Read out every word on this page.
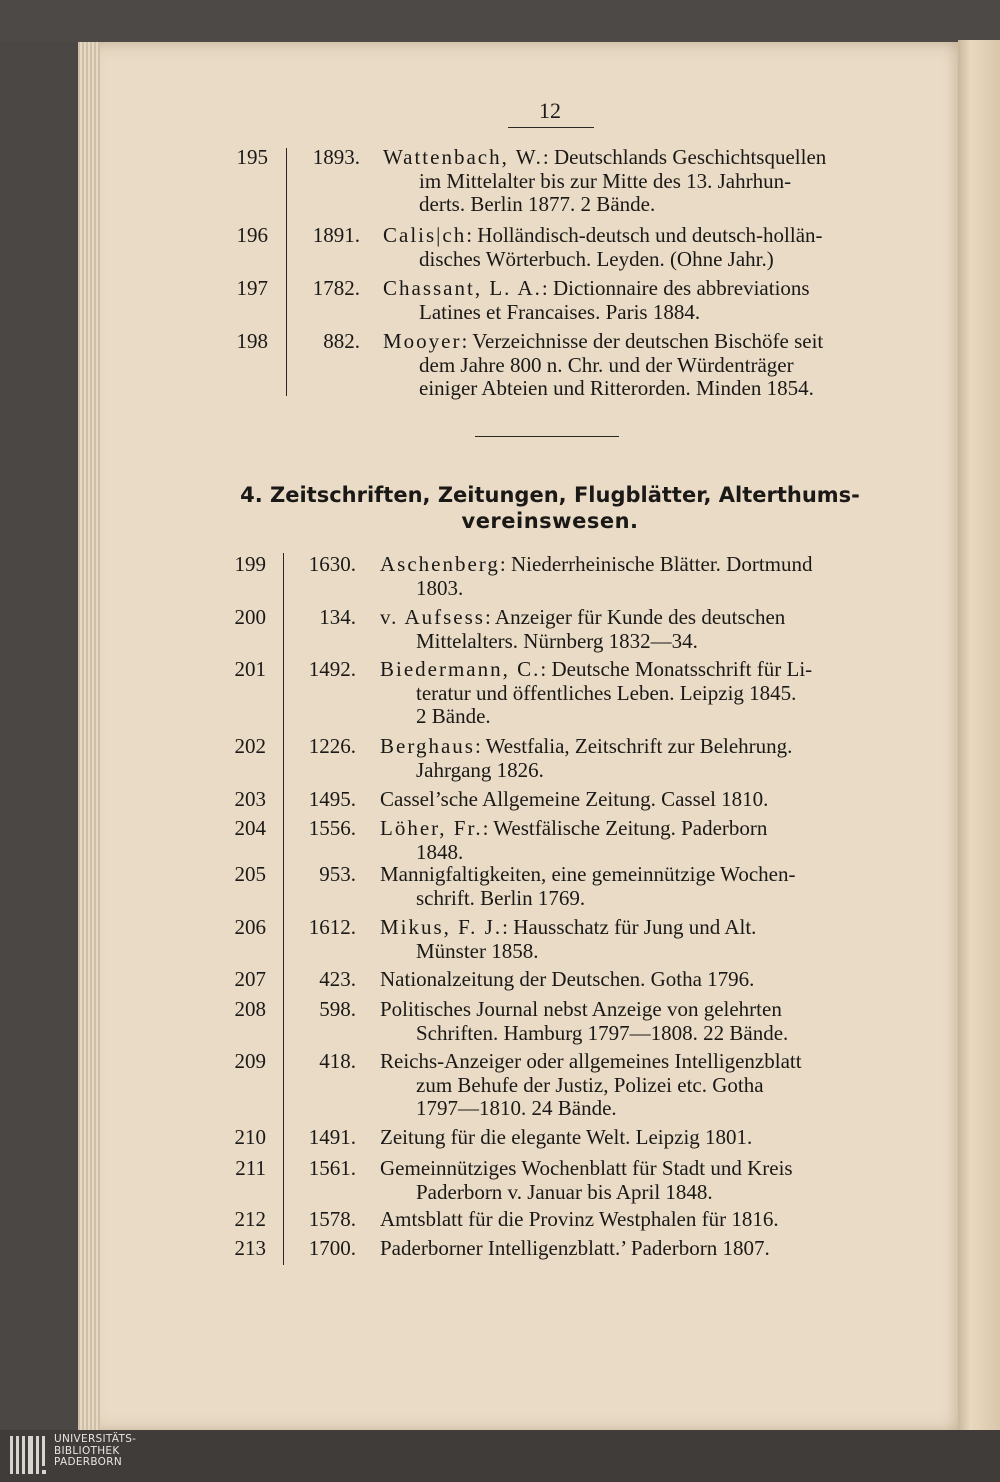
12
195	1893. Wattenbach, W.: Deutschlands Geschichtsquellen
im Mittelalter bis zur Mitte des 13. Jahrhun-
derts. Berlin 1877. 2 Bände.
196	1891. Calis|ch: Holländisch-deutsch und deutsch-hollän-
disches Wörterbuch. Leyden. (Ohne Jahr.)
197	1782. Chassant, L. A.: Dictionnaire des abbreviations
Latines et Francaises. Paris 1884.
198	882. Mooyer: Verzeichnisse der deutschen Bischöfe seit
dem Jahre 800 n. Chr. und der Würdenträger
einiger Abteien und Ritterorden. Minden 1854.
4. Zeitschriften, Zeitungen, Flugblätter, Alterthums-
vereinswesen.
199	1630. Aschenberg: Niederrheinische Blätter. Dortmund
1803.
200	134. v. Aufsess: Anzeiger für Kunde des deutschen
Mittelalters. Nürnberg 1832—34.
201	1492. Biedermann, C.: Deutsche Monatsschrift für Li-
teratur und öffentliches Leben. Leipzig 1845.
2 Bände.
202	1226. Berghaus: Westfalia, Zeitschrift zur Belehrung.
Jahrgang 1826.
203	1495. Cassel’sche Allgemeine Zeitung. Cassel 1810.
204	1556. Löher, Fr.: Westfälische Zeitung. Paderborn
1848.
205	953. Mannigfaltigkeiten, eine gemeinnützige Wochen-
schrift. Berlin 1769.
206	1612. Mikus, F. J.: Hausschatz für Jung und Alt.
Münster 1858.
207	423. Nationalzeitung der Deutschen. Gotha 1796.
208	598. Politisches Journal nebst Anzeige von gelehrten
Schriften. Hamburg 1797—1808. 22 Bände.
209	418. Reichs-Anzeiger oder allgemeines Intelligenzblatt
zum Behufe der Justiz, Polizei etc. Gotha
1797—1810. 24 Bände.
210	1491. Zeitung für die elegante Welt. Leipzig 1801.
211	1561. Gemeinnütziges Wochenblatt für Stadt und Kreis
Paderborn v. Januar bis April 1848.
212	1578. Amtsblatt für die Provinz Westphalen für 1816.
213	1700. Paderborner Intelligenzblatt.’ Paderborn 1807.
UNIVERSITÄTS-
BIBLIOTHEK
PADERBORN
